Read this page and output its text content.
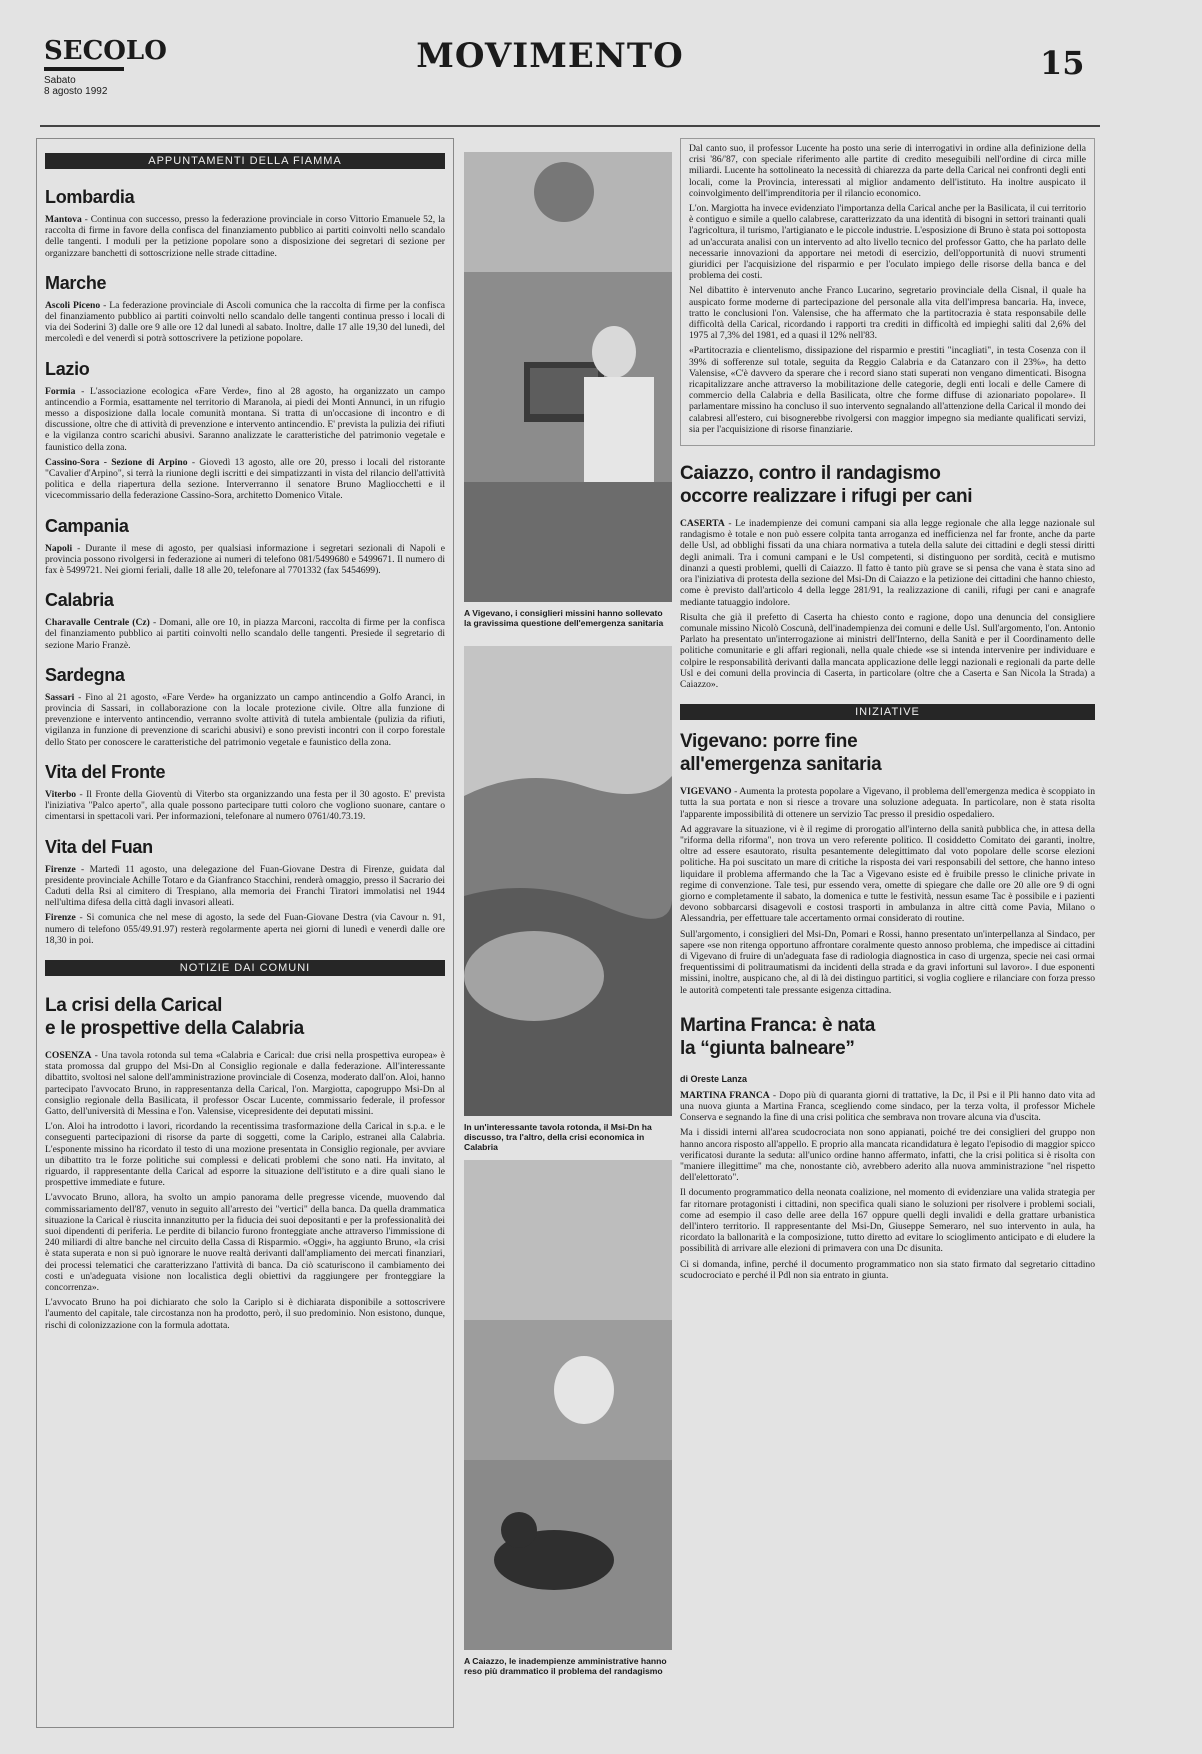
SECOLO
Sabato
8 agosto 1992
MOVIMENTO	15
APPUNTAMENTI DELLA FIAMMA
Lombardia

Mantova - Continua con successo, presso la federazione provinciale in corso Vittorio Emanuele 52, la raccolta di firme in favore della confisca del finanziamento pubblico ai partiti coinvolti nello scandalo delle tangenti. I moduli per la petizione popolare sono a disposizione dei segretari di sezione per organizzare banchetti di sottoscrizione nelle strade cittadine.

Marche

Ascoli Piceno - La federazione provinciale di Ascoli comunica che la raccolta di firme per la confisca del finanziamento pubblico ai partiti coinvolti nello scandalo delle tangenti continua presso i locali di via dei Soderini 3) dalle ore 9 alle ore 12 dal lunedì al sabato. Inoltre, dalle 17 alle 19,30 del lunedì, del mercoledì e del venerdì si potrà sottoscrivere la petizione popolare.

Lazio

Formia - L'associazione ecologica «Fare Verde», fino al 28 agosto, ha organizzato un campo antincendio a Formia, esattamente nel territorio di Maranola, ai piedi dei Monti Annunci, in un rifugio messo a disposizione dalla locale comunità montana. Si tratta di un'occasione di incontro e di discussione, oltre che di attività di prevenzione e intervento antincendio. E' prevista la pulizia dei rifiuti e la vigilanza contro scarichi abusivi. Saranno analizzate le caratteristiche del patrimonio vegetale e faunistico della zona.

Cassino-Sora - Sezione di Arpino - Giovedì 13 agosto, alle ore 20, presso i locali del ristorante "Cavalier d'Arpino", si terrà la riunione degli iscritti e dei simpatizzanti in vista del rilancio dell'attività politica e della riapertura della sezione. Interverranno il senatore Bruno Magliocchetti e il vicecommissario della federazione Cassino-Sora, architetto Domenico Vitale.

Campania

Napoli - Durante il mese di agosto, per qualsiasi informazione i segretari sezionali di Napoli e provincia possono rivolgersi in federazione ai numeri di telefono 081/5499680 e 5499671. Il numero di fax è 5499721. Nei giorni feriali, dalle 18 alle 20, telefonare al 7701332 (fax 5454699).

Calabria

Charavalle Centrale (Cz) - Domani, alle ore 10, in piazza Marconi, raccolta di firme per la confisca del finanziamento pubblico ai partiti coinvolti nello scandalo delle tangenti. Presiede il segretario di sezione Mario Franzè.

Sardegna

Sassari - Fino al 21 agosto, «Fare Verde» ha organizzato un campo antincendio a Golfo Aranci, in provincia di Sassari, in collaborazione con la locale protezione civile. Oltre alla funzione di prevenzione e intervento antincendio, verranno svolte attività di tutela ambientale (pulizia da rifiuti, vigilanza in funzione di prevenzione di scarichi abusivi) e sono previsti incontri con il corpo forestale dello Stato per conoscere le caratteristiche del patrimonio vegetale e faunistico della zona.

Vita del Fronte

Viterbo - Il Fronte della Gioventù di Viterbo sta organizzando una festa per il 30 agosto. E' prevista l'iniziativa "Palco aperto", alla quale possono partecipare tutti coloro che vogliono suonare, cantare o cimentarsi in spettacoli vari. Per informazioni, telefonare al numero 0761/40.73.19.

Vita del Fuan

Firenze - Martedì 11 agosto, una delegazione del Fuan-Giovane Destra di Firenze, guidata dal presidente provinciale Achille Totaro e da Gianfranco Stacchini, renderà omaggio, presso il Sacrario dei Caduti della Rsi al cimitero di Trespiano, alla memoria dei Franchi Tiratori immolatisi nel 1944 nell'ultima difesa della città dagli invasori alleati.

Firenze - Si comunica che nel mese di agosto, la sede del Fuan-Giovane Destra (via Cavour n. 91, numero di telefono 055/49.91.97) resterà regolarmente aperta nei giorni di lunedì e venerdì dalle ore 18,30 in poi.

NOTIZIE DAI COMUNI
La crisi della Carical
e le prospettive della Calabria

COSENZA - Una tavola rotonda sul tema «Calabria e Carical: due crisi nella prospettiva europea» è stata promossa dal gruppo del Msi-Dn al Consiglio regionale e dalla federazione. All'interessante dibattito, svoltosi nel salone dell'amministrazione provinciale di Cosenza, moderato dall'on. Aloi, hanno partecipato l'avvocato Bruno, in rappresentanza della Carical, l'on. Margiotta, capogruppo Msi-Dn al consiglio regionale della Basilicata, il professor Oscar Lucente, commissario federale, il professor Gatto, dell'università di Messina e l'on. Valensise, vicepresidente dei deputati missini.

L'on. Aloi ha introdotto i lavori, ricordando la recentissima trasformazione della Carical in s.p.a. e le conseguenti partecipazioni di risorse da parte di soggetti, come la Cariplo, estranei alla Calabria. L'esponente missino ha ricordato il testo di una mozione presentata in Consiglio regionale, per avviare un dibattito tra le forze politiche sui complessi e delicati problemi che sono nati. Ha invitato, al riguardo, il rappresentante della Carical ad esporre la situazione dell'istituto e a dire quali siano le prospettive immediate e future.

L'avvocato Bruno, allora, ha svolto un ampio panorama delle pregresse vicende, muovendo dal commissariamento dell'87, venuto in seguito all'arresto dei "vertici" della banca. Da quella drammatica situazione la Carical è riuscita innanzitutto per la fiducia dei suoi depositanti e per la professionalità dei suoi dipendenti di periferia. Le perdite di bilancio furono fronteggiate anche attraverso l'immissione di 240 miliardi di altre banche nel circuito della Cassa di Risparmio. «Oggi», ha aggiunto Bruno, «la crisi è stata superata e non si può ignorare le nuove realtà derivanti dall'ampliamento dei mercati finanziari, dei processi telematici che caratterizzano l'attività di banca. Da ciò scaturiscono il cambiamento dei costi e un'adeguata visione non localistica degli obiettivi da raggiungere per fronteggiare la concorrenza».

L'avvocato Bruno ha poi dichiarato che solo la Cariplo si è dichiarata disponibile a sottoscrivere l'aumento del capitale, tale circostanza non ha prodotto, però, il suo predominio. Non esistono, dunque, rischi di colonizzazione con la formula adottata.

A Vigevano, i consiglieri missini hanno sollevato la gravissima questione dell'emergenza sanitaria
In un'interessante tavola rotonda, il Msi-Dn ha discusso, tra l'altro, della crisi economica in Calabria
A Caiazzo, le inadempienze amministrative hanno reso più drammatico il problema del randagismo

Dal canto suo, il professor Lucente ha posto una serie di interrogativi in ordine alla definizione della crisi '86/'87, con speciale riferimento alle partite di credito meseguibili nell'ordine di circa mille miliardi. Lucente ha sottolineato la necessità di chiarezza da parte della Carical nei confronti degli enti locali, come la Provincia, interessati al miglior andamento dell'istituto. Ha inoltre auspicato il coinvolgimento dell'imprenditoria per il rilancio economico.

L'on. Margiotta ha invece evidenziato l'importanza della Carical anche per la Basilicata, il cui territorio è contiguo e simile a quello calabrese, caratterizzato da una identità di bisogni in settori trainanti quali l'agricoltura, il turismo, l'artigianato e le piccole industrie. L'esposizione di Bruno è stata poi sottoposta ad un'accurata analisi con un intervento ad alto livello tecnico del professor Gatto, che ha parlato delle necessarie innovazioni da apportare nei metodi di esercizio, dell'opportunità di nuovi strumenti giuridici per l'acquisizione del risparmio e per l'oculato impiego delle risorse della banca e del problema dei costi.

Nel dibattito è intervenuto anche Franco Lucarino, segretario provinciale della Cisnal, il quale ha auspicato forme moderne di partecipazione del personale alla vita dell'impresa bancaria. Ha, invece, tratto le conclusioni l'on. Valensise, che ha affermato che la partitocrazia è stata responsabile delle difficoltà della Carical, ricordando i rapporti tra crediti in difficoltà ed impieghi saliti dal 2,6% del 1975 al 7,3% del 1981, ed a quasi il 12% nell'83.

«Partitocrazia e clientelismo, dissipazione del risparmio e prestiti "incagliati", in testa Cosenza con il 39% di sofferenze sul totale, seguita da Reggio Calabria e da Catanzaro con il 23%», ha detto Valensise, «C'è davvero da sperare che i record siano stati superati non vengano dimenticati. Bisogna ricapitalizzare anche attraverso la mobilitazione delle categorie, degli enti locali e delle Camere di commercio della Calabria e della Basilicata, oltre che forme diffuse di azionariato popolare». Il parlamentare missino ha concluso il suo intervento segnalando all'attenzione della Carical il mondo dei calabresi all'estero, cui bisognerebbe rivolgersi con maggior impegno sia mediante qualificati servizi, sia per l'acquisizione di risorse finanziarie.

Caiazzo, contro il randagismo
occorre realizzare i rifugi per cani

CASERTA - Le inadempienze dei comuni campani sia alla legge regionale che alla legge nazionale sul randagismo è totale e non può essere colpita tanta arroganza ed inefficienza nel far fronte, anche da parte delle Usl, ad obblighi fissati da una chiara normativa a tutela della salute dei cittadini e degli stessi diritti degli animali. Tra i comuni campani e le Usl competenti, si distinguono per sordità, cecità e mutismo dinanzi a questi problemi, quelli di Caiazzo. Il fatto è tanto più grave se si pensa che vana è stata sino ad ora l'iniziativa di protesta della sezione del Msi-Dn di Caiazzo e la petizione dei cittadini che hanno chiesto, come è previsto dall'articolo 4 della legge 281/91, la realizzazione di canili, rifugi per cani e anagrafe mediante tatuaggio indolore.

Risulta che già il prefetto di Caserta ha chiesto conto e ragione, dopo una denuncia del consigliere comunale missino Nicolò Coscunà, dell'inadempienza dei comuni e delle Usl. Sull'argomento, l'on. Antonio Parlato ha presentato un'interrogazione ai ministri dell'Interno, della Sanità e per il Coordinamento delle politiche comunitarie e gli affari regionali, nella quale chiede «se si intenda intervenire per individuare e colpire le responsabilità derivanti dalla mancata applicazione delle leggi nazionali e regionali da parte delle Usl e dei comuni della provincia di Caserta, in particolare (oltre che a Caserta e San Nicola la Strada) a Caiazzo».

INIZIATIVE
Vigevano: porre fine
all'emergenza sanitaria

VIGEVANO - Aumenta la protesta popolare a Vigevano, il problema dell'emergenza medica è scoppiato in tutta la sua portata e non si riesce a trovare una soluzione adeguata. In particolare, non è stata risolta l'apparente impossibilità di ottenere un servizio Tac presso il presidio ospedaliero.

Ad aggravare la situazione, vi è il regime di prorogatio all'interno della sanità pubblica che, in attesa della "riforma della riforma", non trova un vero referente politico. Il cosiddetto Comitato dei garanti, inoltre, oltre ad essere esautorato, risulta pesantemente delegittimato dal voto popolare delle scorse elezioni politiche. Ha poi suscitato un mare di critiche la risposta dei vari responsabili del settore, che hanno inteso liquidare il problema affermando che la Tac a Vigevano esiste ed è fruibile presso le cliniche private in regime di convenzione. Tale tesi, pur essendo vera, omette di spiegare che dalle ore 20 alle ore 9 di ogni giorno e completamente il sabato, la domenica e tutte le festività, nessun esame Tac è possibile e i pazienti devono sobbarcarsi disagevoli e costosi trasporti in ambulanza in altre città come Pavia, Milano o Alessandria, per effettuare tale accertamento ormai considerato di routine.

Sull'argomento, i consiglieri del Msi-Dn, Pomari e Rossi, hanno presentato un'interpellanza al Sindaco, per sapere «se non ritenga opportuno affrontare coralmente questo annoso problema, che impedisce ai cittadini di Vigevano di fruire di un'adeguata fase di radiologia diagnostica in caso di urgenza, specie nei casi ormai frequentissimi di politraumatismi da incidenti della strada e da gravi infortuni sul lavoro». I due esponenti missini, inoltre, auspicano che, al di là dei distinguo partitici, si voglia cogliere e rilanciare con forza presso le autorità competenti tale pressante esigenza cittadina.

Martina Franca: è nata
la “giunta balneare”
di Oreste Lanza

MARTINA FRANCA - Dopo più di quaranta giorni di trattative, la Dc, il Psi e il Pli hanno dato vita ad una nuova giunta a Martina Franca, scegliendo come sindaco, per la terza volta, il professor Michele Conserva e segnando la fine di una crisi politica che sembrava non trovare alcuna via d'uscita.

Ma i dissidi interni all'area scudocrociata non sono appianati, poiché tre dei consiglieri del gruppo non hanno ancora risposto all'appello. E proprio alla mancata ricandidatura è legato l'episodio di maggior spicco verificatosi durante la seduta: all'unico ordine hanno affermato, infatti, che la crisi politica si è risolta con "maniere illegittime" ma che, nonostante ciò, avrebbero aderito alla nuova amministrazione "nel rispetto dell'elettorato".

Il documento programmatico della neonata coalizione, nel momento di evidenziare una valida strategia per far ritornare protagonisti i cittadini, non specifica quali siano le soluzioni per risolvere i problemi sociali, come ad esempio il caso delle aree della 167 oppure quelli degli invalidi e della grattare urbanistica dell'intero territorio. Il rappresentante del Msi-Dn, Giuseppe Semeraro, nel suo intervento in aula, ha ricordato la ballonarità e la composizione, tutto diretto ad evitare lo scioglimento anticipato e di eludere la possibilità di arrivare alle elezioni di primavera con una Dc disunita.

Ci si domanda, infine, perché il documento programmatico non sia stato firmato dal segretario cittadino scudocrociato e perché il Pdl non sia entrato in giunta.
